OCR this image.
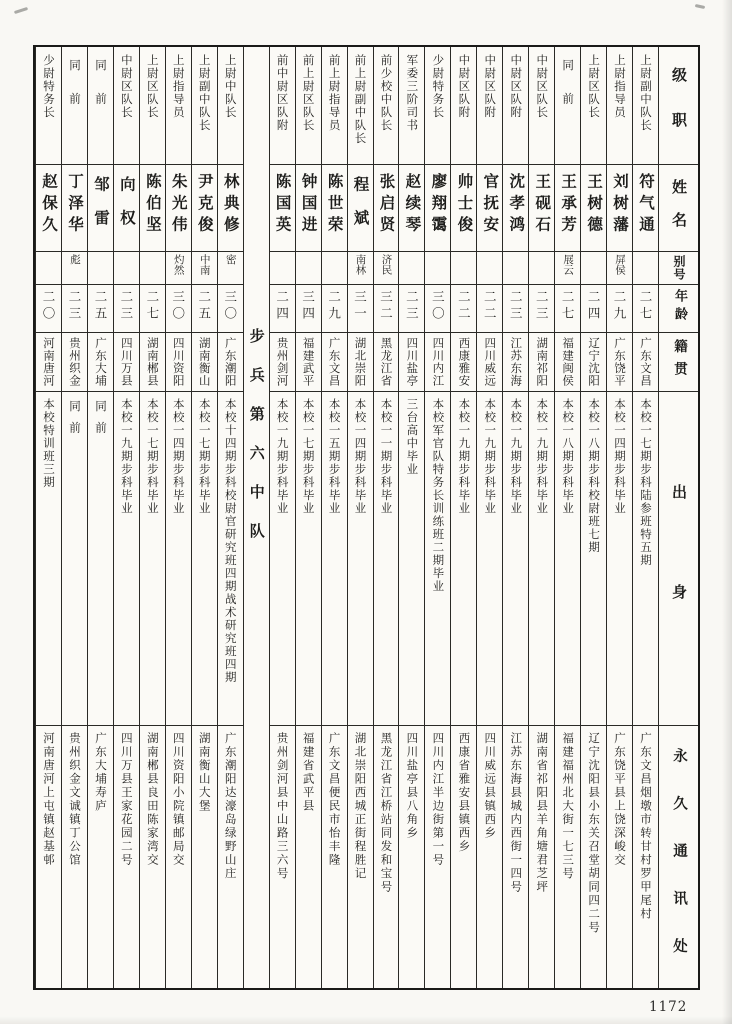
级职
姓名
别号
年龄
籍贯
出身
永久通讯处
上尉副中队长
符气通
二七
广东文昌
本校一七期步科陆参班特五期
广东文昌烟墩市转甘村罗甲尾村
上尉指导员
刘树藩
屏侯
二九
广东饶平
本校一四期步科毕业
广东饶平县上饶深峻交
上尉区队长
王树德
二四
辽宁沈阳
本校一八期步科校尉班七期
辽宁沈阳县小东关召堂胡同四二号
同前
王承芳
展云
二七
福建闽侯
本校一八期步科毕业
福建福州北大街一七三号
中尉区队长
王砚石
二三
湖南祁阳
本校一九期步科毕业
湖南省祁阳县羊角塘君芝坪
中尉区队附
沈孝鸿
二三
江苏东海
本校一九期步科毕业
江苏东海县城内西街一四号
中尉区队附
官抚安
二二
四川威远
本校一九期步科毕业
四川威远县镇西乡
中尉区队附
帅士俊
二二
西康雅安
本校一九期步科毕业
西康省雅安县镇西乡
少尉特务长
廖翔霭
三〇
四川内江
本校军官队特务长训练班二期毕业
四川内江半边街第一号
军委三阶司书
赵续琴
二三
四川盐亭
三台高中毕业
四川盐亭县八角乡
前少校中队长
张启贤
济民
三二
黑龙江省
本校一一期步科毕业
黑龙江省江桥站同发和宝号
前上尉副中队长
程斌
南林
三一
湖北崇阳
本校一四期步科毕业
湖北崇阳西城正街程胜记
前上尉指导员
陈世荣
二九
广东文昌
本校一五期步科毕业
广东文昌便民市怡丰隆
前上尉区队长
钟国进
三四
福建武平
本校一七期步科毕业
福建省武平县
前中尉区队附
陈国英
二四
贵州剑河
本校一九期步科毕业
贵州剑河县中山路三六号
步兵第六中队
上尉中队长
林典修
密
三〇
广东潮阳
本校十四期步科校尉官研究班四期战术研究班四期
广东潮阳达濠岛绿野山庄
上尉副中队长
尹克俊
中南
二五
湖南衡山
本校一七期步科毕业
湖南衡山大堡
上尉指导员
朱光伟
灼然
三〇
四川资阳
本校一四期步科毕业
四川资阳小院镇邮局交
上尉区队长
陈伯坚
二七
湖南郴县
本校一七期步科毕业
湖南郴县良田陈家湾交
中尉区队长
向权
二三
四川万县
本校一九期步科毕业
四川万县王家花园二号
同前
邹雷
二五
广东大埔
同前
广东大埔寿庐
同前
丁泽华
彪
二三
贵州织金
同前
贵州织金文诚镇丁公馆
少尉特务长
赵保久
二〇
河南唐河
本校特训班三期
河南唐河上屯镇赵基邨
1172
